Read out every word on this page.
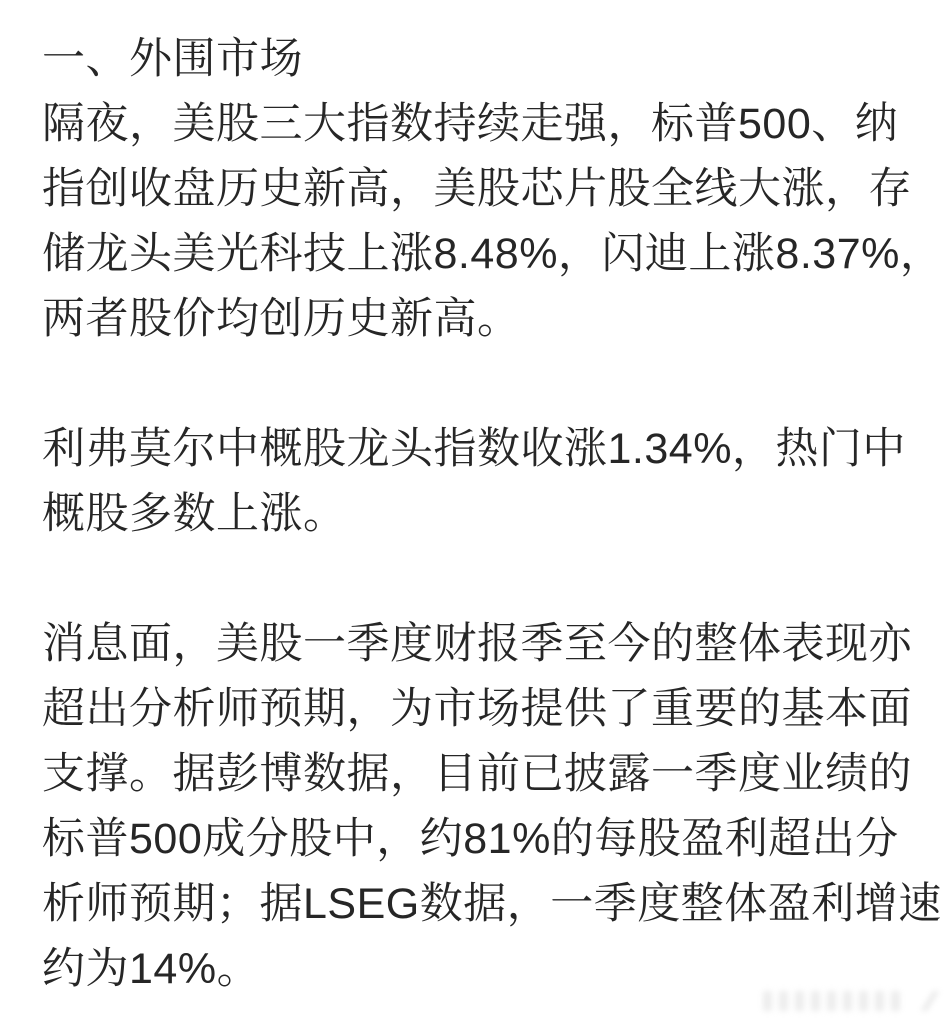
一、外围市场
隔夜，美股三大指数持续走强，标普500、纳
指创收盘历史新高，美股芯片股全线大涨，存
储龙头美光科技上涨8.48%，闪迪上涨8.37%，
两者股价均创历史新高。
利弗莫尔中概股龙头指数收涨1.34%，热门中
概股多数上涨。
消息面，美股一季度财报季至今的整体表现亦
超出分析师预期，为市场提供了重要的基本面
支撑。据彭博数据，目前已披露一季度业绩的
标普500成分股中，约81%的每股盈利超出分
析师预期；据LSEG数据，一季度整体盈利增速
约为14%。
